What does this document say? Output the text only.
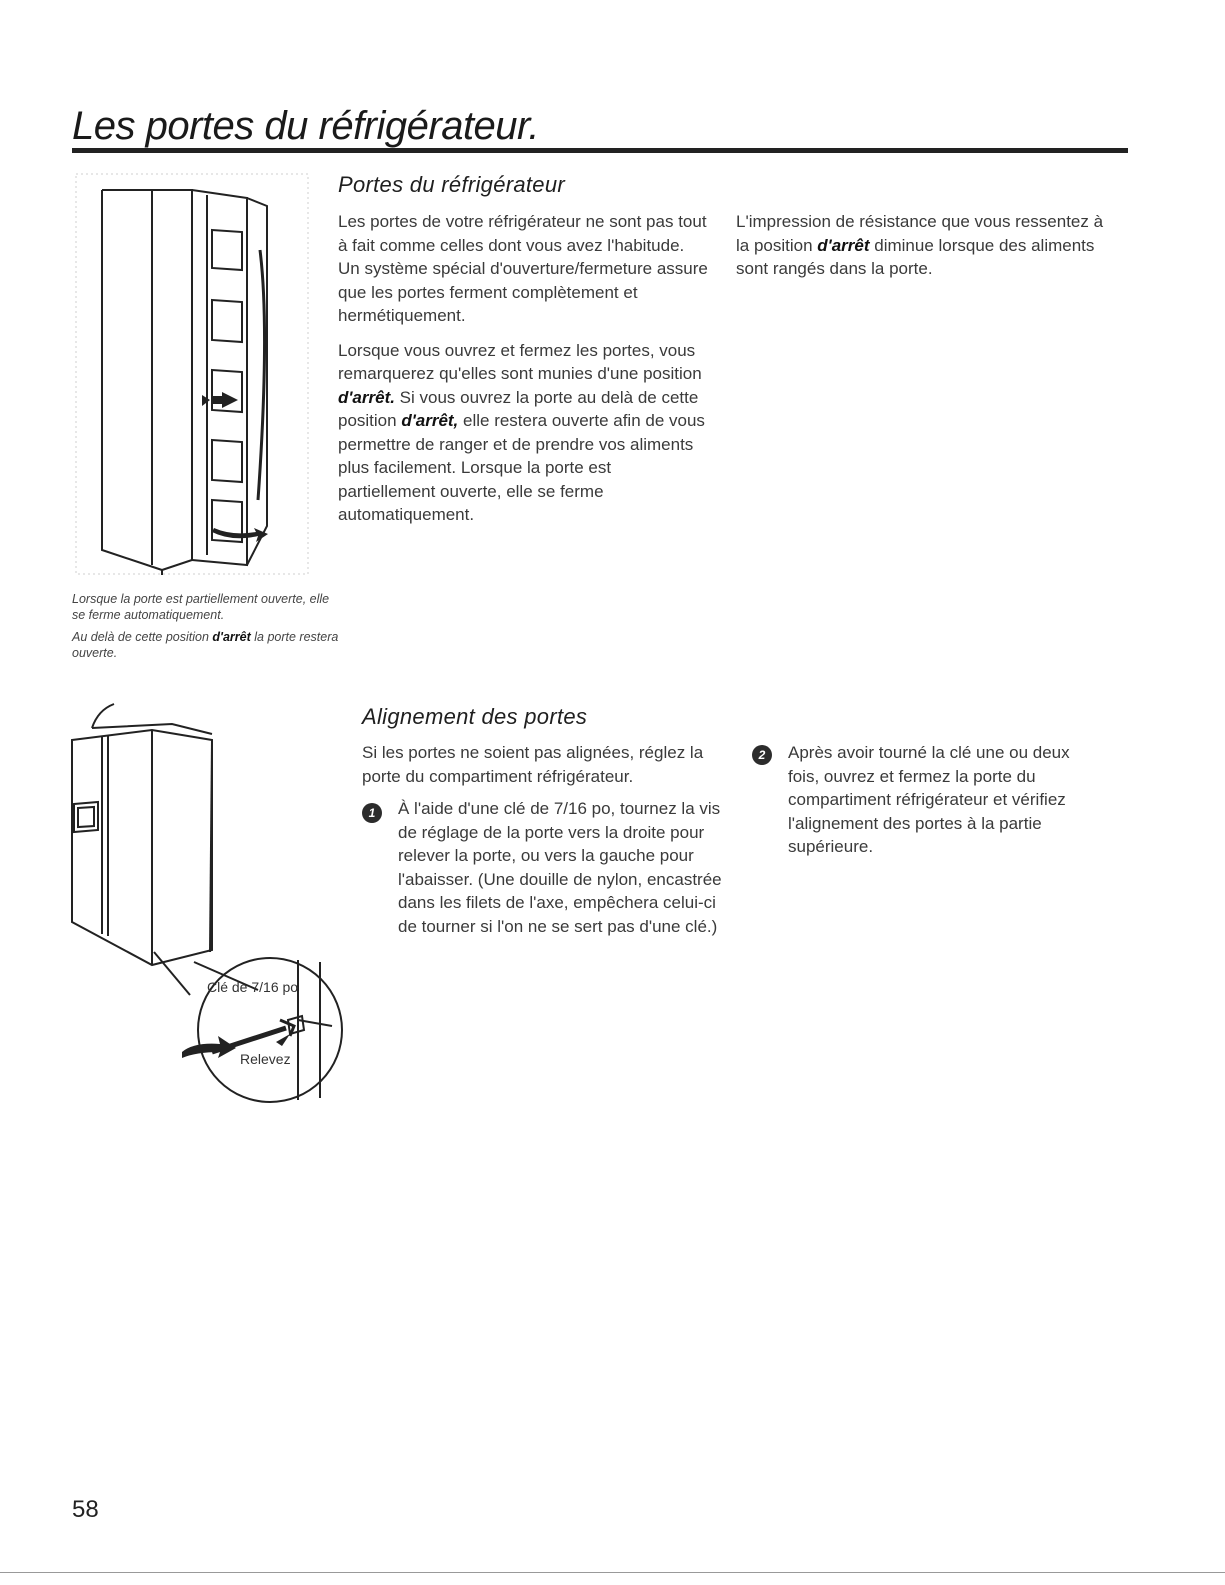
Les portes du réfrigérateur.

Lorsque la porte est partiellement ouverte, elle se ferme automatiquement.

Au delà de cette position d'arrêt la porte restera ouverte.

Portes du réfrigérateur

Les portes de votre réfrigérateur ne sont pas tout à fait comme celles dont vous avez l'habitude. Un système spécial d'ouverture/fermeture assure que les portes ferment complètement et hermétiquement.

Lorsque vous ouvrez et fermez les portes, vous remarquerez qu'elles sont munies d'une position d'arrêt. Si vous ouvrez la porte au delà de cette position d'arrêt, elle restera ouverte afin de vous permettre de ranger et de prendre vos aliments plus facilement. Lorsque la porte est partiellement ouverte, elle se ferme automatiquement.

L'impression de résistance que vous ressentez à la position d'arrêt diminue lorsque des aliments sont rangés dans la porte.

Clé de 7/16 po
Relevez
Alignement des portes

Si les portes ne soient pas alignées, réglez la porte du compartiment réfrigérateur.

1	À l'aide d'une clé de 7/16 po, tournez la vis de réglage de la porte vers la droite pour relever la porte, ou vers la gauche pour l'abaisser. (Une douille de nylon, encastrée dans les filets de l'axe, empêchera celui-ci de tourner si l'on ne se sert pas d'une clé.)

2	Après avoir tourné la clé une ou deux fois, ouvrez et fermez la porte du compartiment réfrigérateur et vérifiez l'alignement des portes à la partie supérieure.

58
